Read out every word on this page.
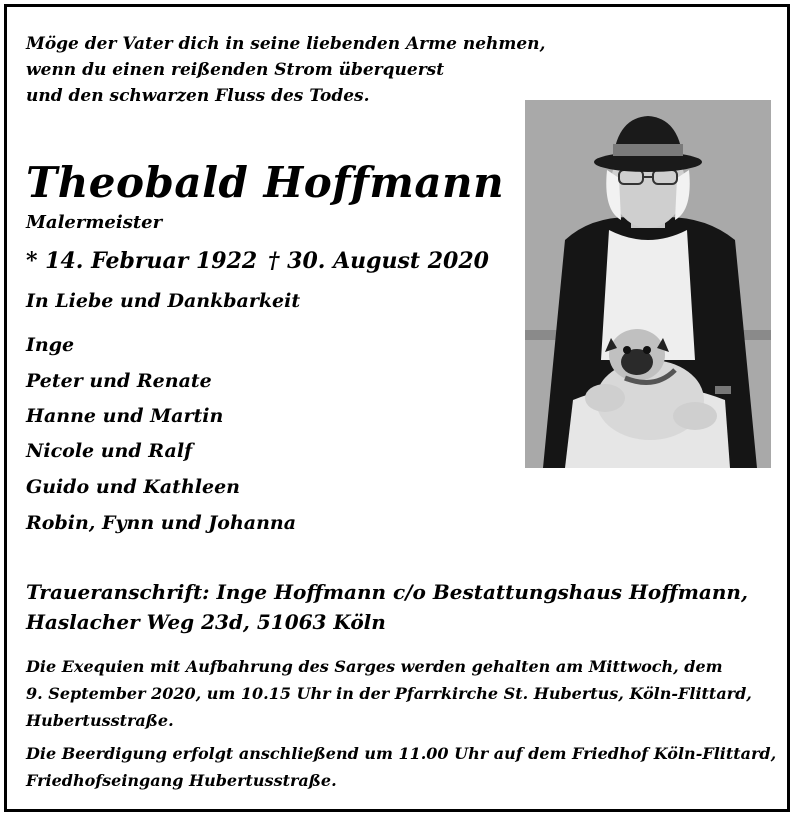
Möge der Vater dich in seine liebenden Arme nehmen,
wenn du einen reißenden Strom überquerst
und den schwarzen Fluss des Todes.
Theobald Hoffmann
Malermeister
* 14. Februar 1922 † 30. August 2020
In Liebe und Dankbarkeit
Inge
Peter und Renate
Hanne und Martin
Nicole und Ralf
Guido und Kathleen
Robin, Fynn und Johanna
Traueranschrift: Inge Hoffmann c/o Bestattungshaus Hoffmann,
Haslacher Weg 23d, 51063 Köln
Die Exequien mit Aufbahrung des Sarges werden gehalten am Mittwoch, dem
9. September 2020, um 10.15 Uhr in der Pfarrkirche St. Hubertus, Köln-Flittard,
Hubertusstraße.
Die Beerdigung erfolgt anschließend um 11.00 Uhr auf dem Friedhof Köln-Flittard,
Friedhofseingang Hubertusstraße.
